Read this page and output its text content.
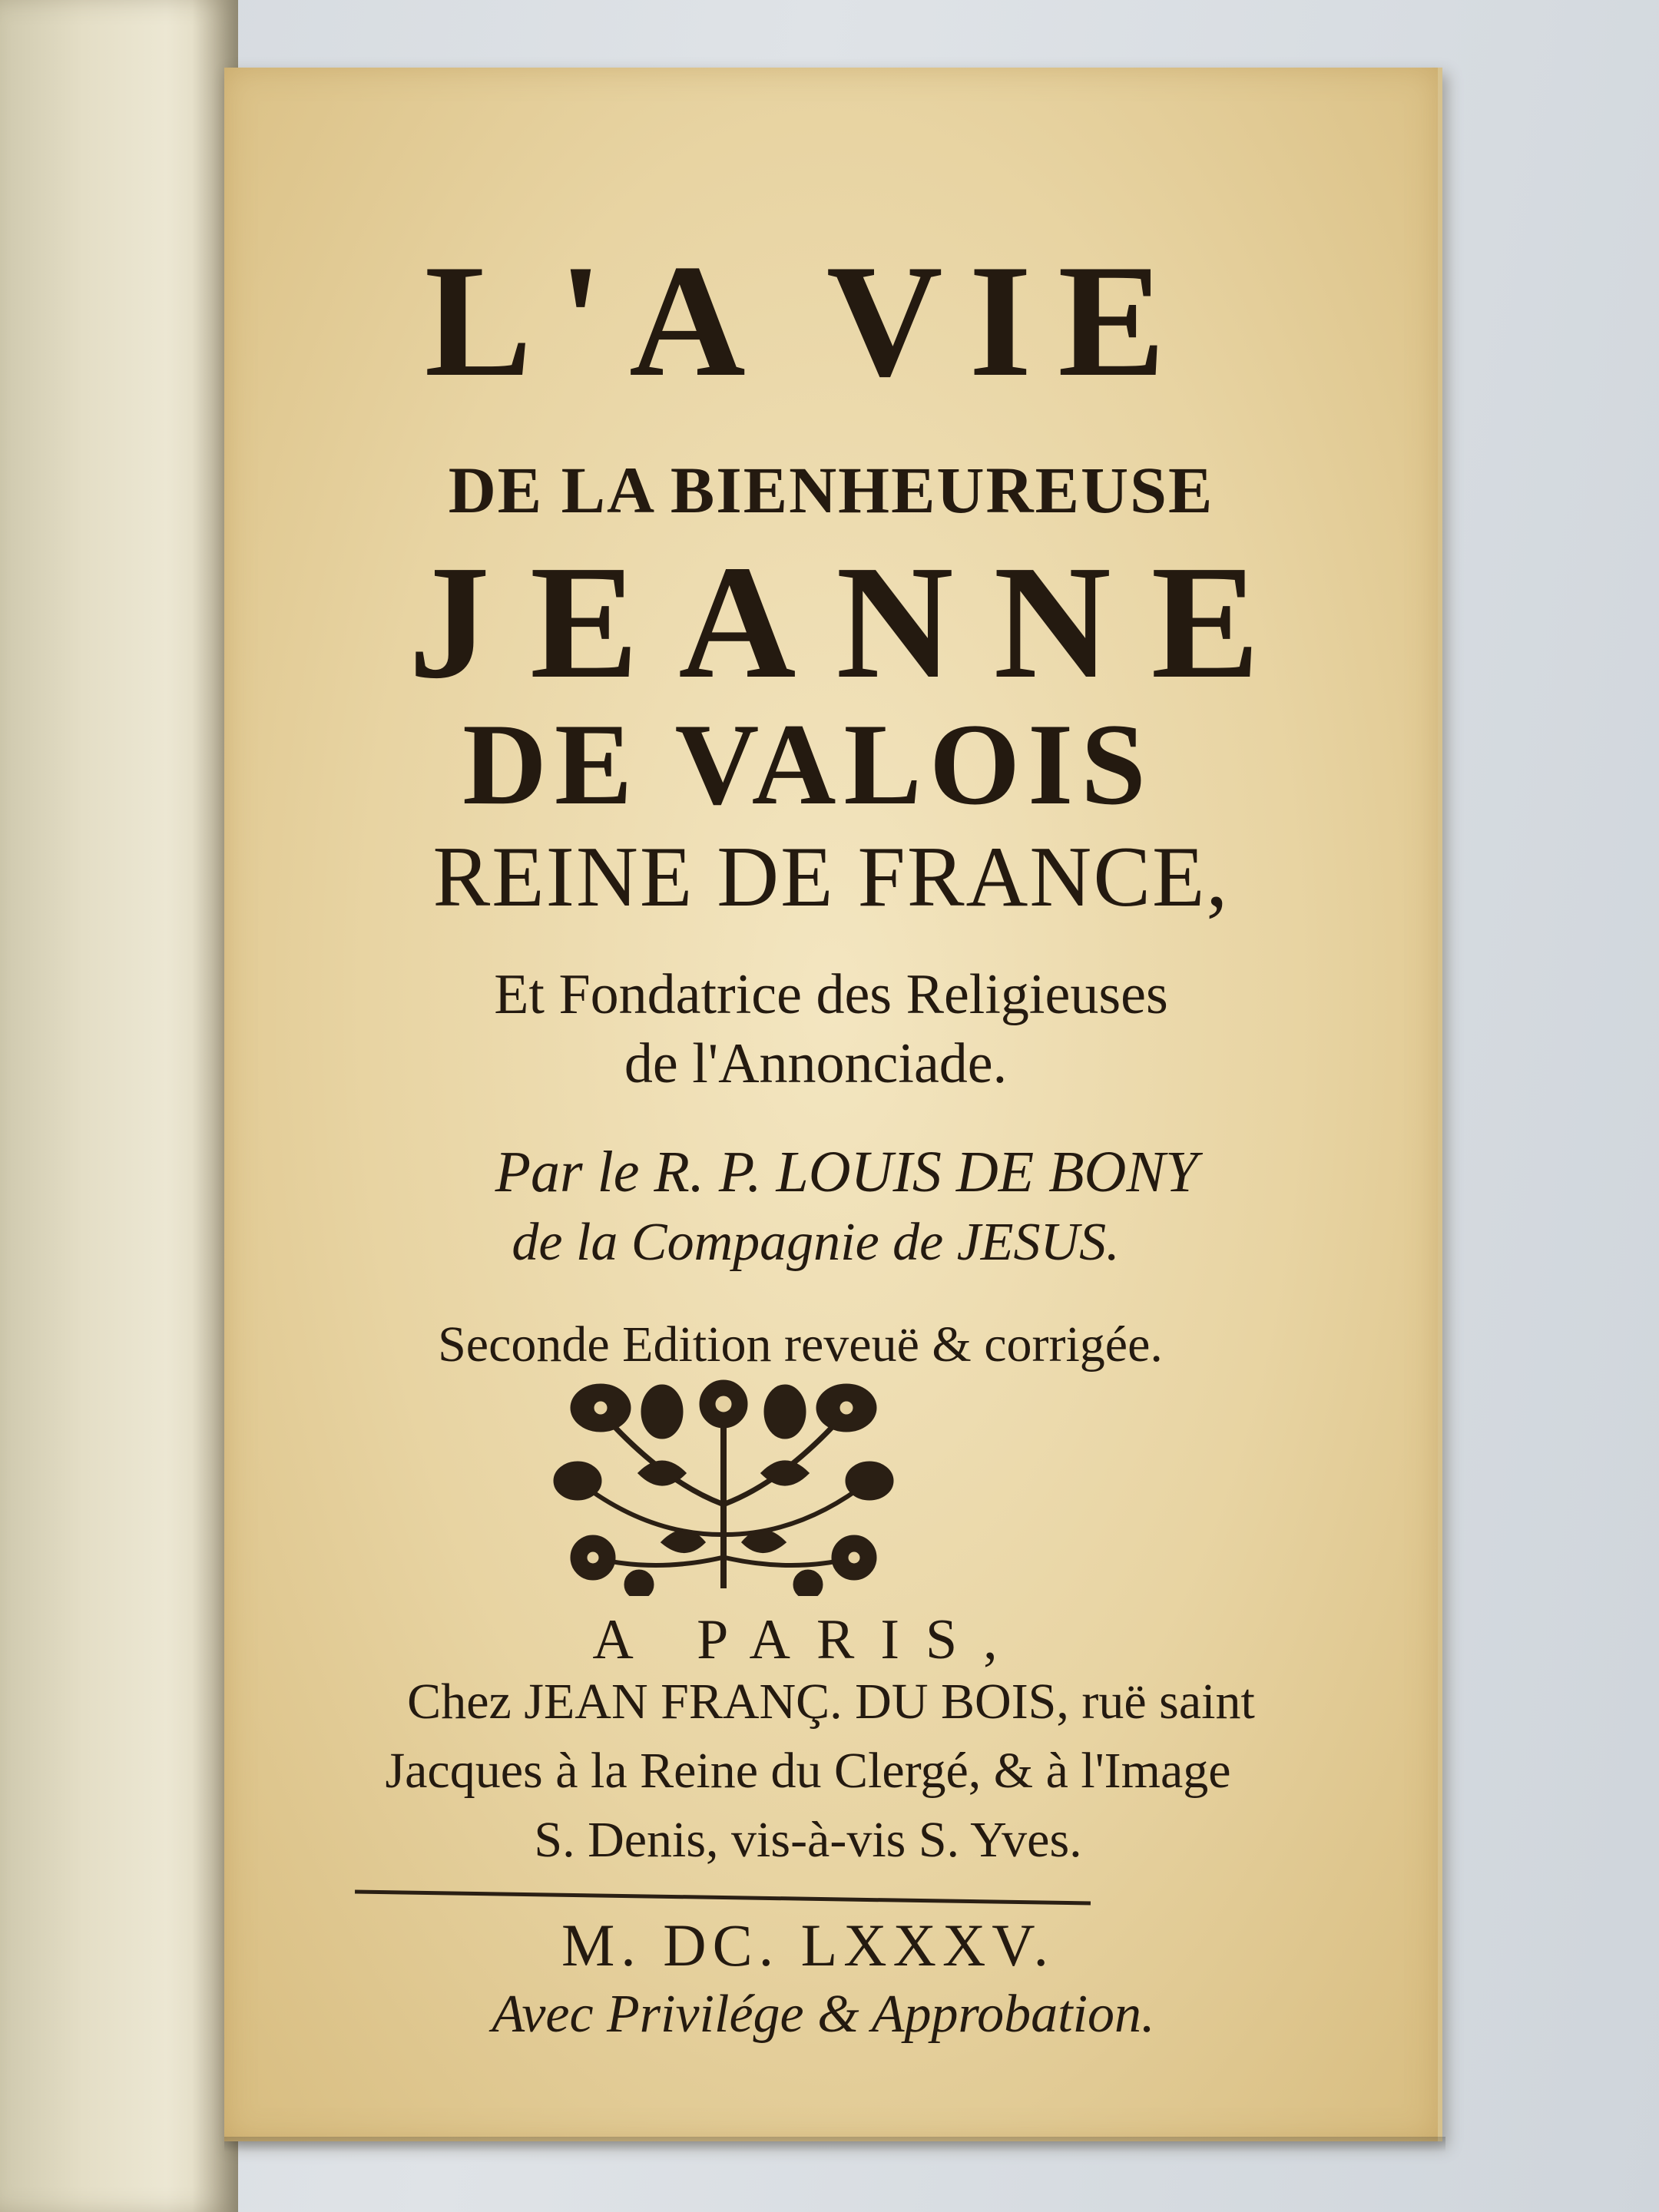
L'A VIE

DE LA BIENHEUREUSE

JEANNE

DE VALOIS

REINE DE FRANCE,

Et Fondatrice des Religieuses

de l'Annonciade.

Par le R. P. LOUIS DE BONY

de la Compagnie de JESUS.

Seconde Edition reveuë & corrigée.

A PARIS,

Chez JEAN FRANÇ. DU BOIS, ruë saint

Jacques à la Reine du Clergé, & à l'Image

S. Denis, vis-à-vis S. Yves.

M. DC. LXXXV.

Avec Privilége & Approbation.
